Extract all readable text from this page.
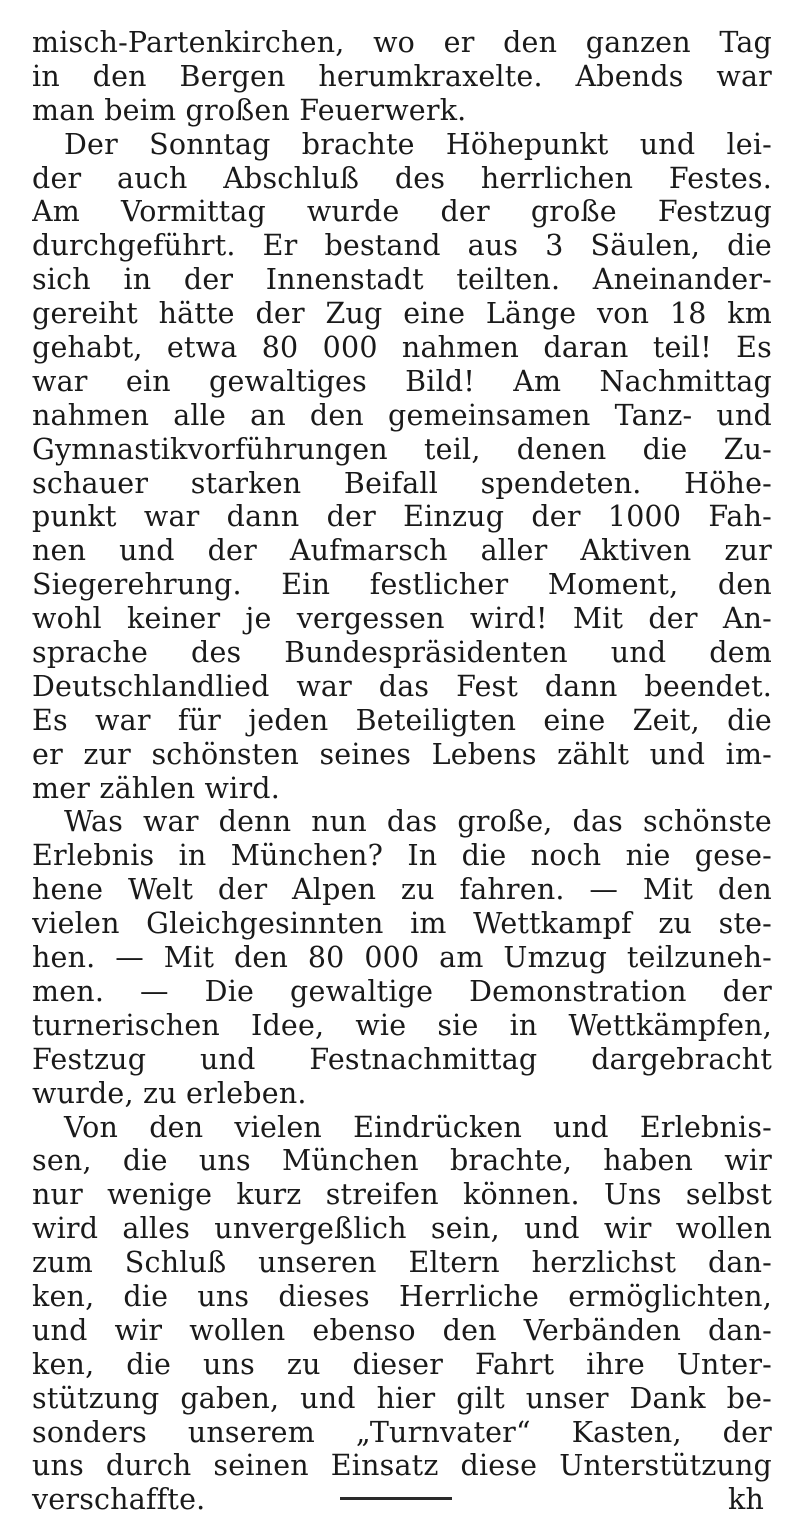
misch-Partenkirchen, wo er den ganzen Tag
in den Bergen herumkraxelte. Abends war
man beim großen Feuerwerk.
Der Sonntag brachte Höhepunkt und lei-
der auch Abschluß des herrlichen Festes.
Am Vormittag wurde der große Festzug
durchgeführt. Er bestand aus 3 Säulen, die
sich in der Innenstadt teilten. Aneinander-
gereiht hätte der Zug eine Länge von 18 km
gehabt, etwa 80 000 nahmen daran teil! Es
war ein gewaltiges Bild! Am Nachmittag
nahmen alle an den gemeinsamen Tanz- und
Gymnastikvorführungen teil, denen die Zu-
schauer starken Beifall spendeten. Höhe-
punkt war dann der Einzug der 1000 Fah-
nen und der Aufmarsch aller Aktiven zur
Siegerehrung. Ein festlicher Moment, den
wohl keiner je vergessen wird! Mit der An-
sprache des Bundespräsidenten und dem
Deutschlandlied war das Fest dann beendet.
Es war für jeden Beteiligten eine Zeit, die
er zur schönsten seines Lebens zählt und im-
mer zählen wird.
Was war denn nun das große, das schönste
Erlebnis in München? In die noch nie gese-
hene Welt der Alpen zu fahren. — Mit den
vielen Gleichgesinnten im Wettkampf zu ste-
hen. — Mit den 80 000 am Umzug teilzuneh-
men. — Die gewaltige Demonstration der
turnerischen Idee, wie sie in Wettkämpfen,
Festzug und Festnachmittag dargebracht
wurde, zu erleben.
Von den vielen Eindrücken und Erlebnis-
sen, die uns München brachte, haben wir
nur wenige kurz streifen können. Uns selbst
wird alles unvergeßlich sein, und wir wollen
zum Schluß unseren Eltern herzlichst dan-
ken, die uns dieses Herrliche ermöglichten,
und wir wollen ebenso den Verbänden dan-
ken, die uns zu dieser Fahrt ihre Unter-
stützung gaben, und hier gilt unser Dank be-
sonders unserem „Turnvater“ Kasten, der
uns durch seinen Einsatz diese Unterstützung
verschaffte.	kh
